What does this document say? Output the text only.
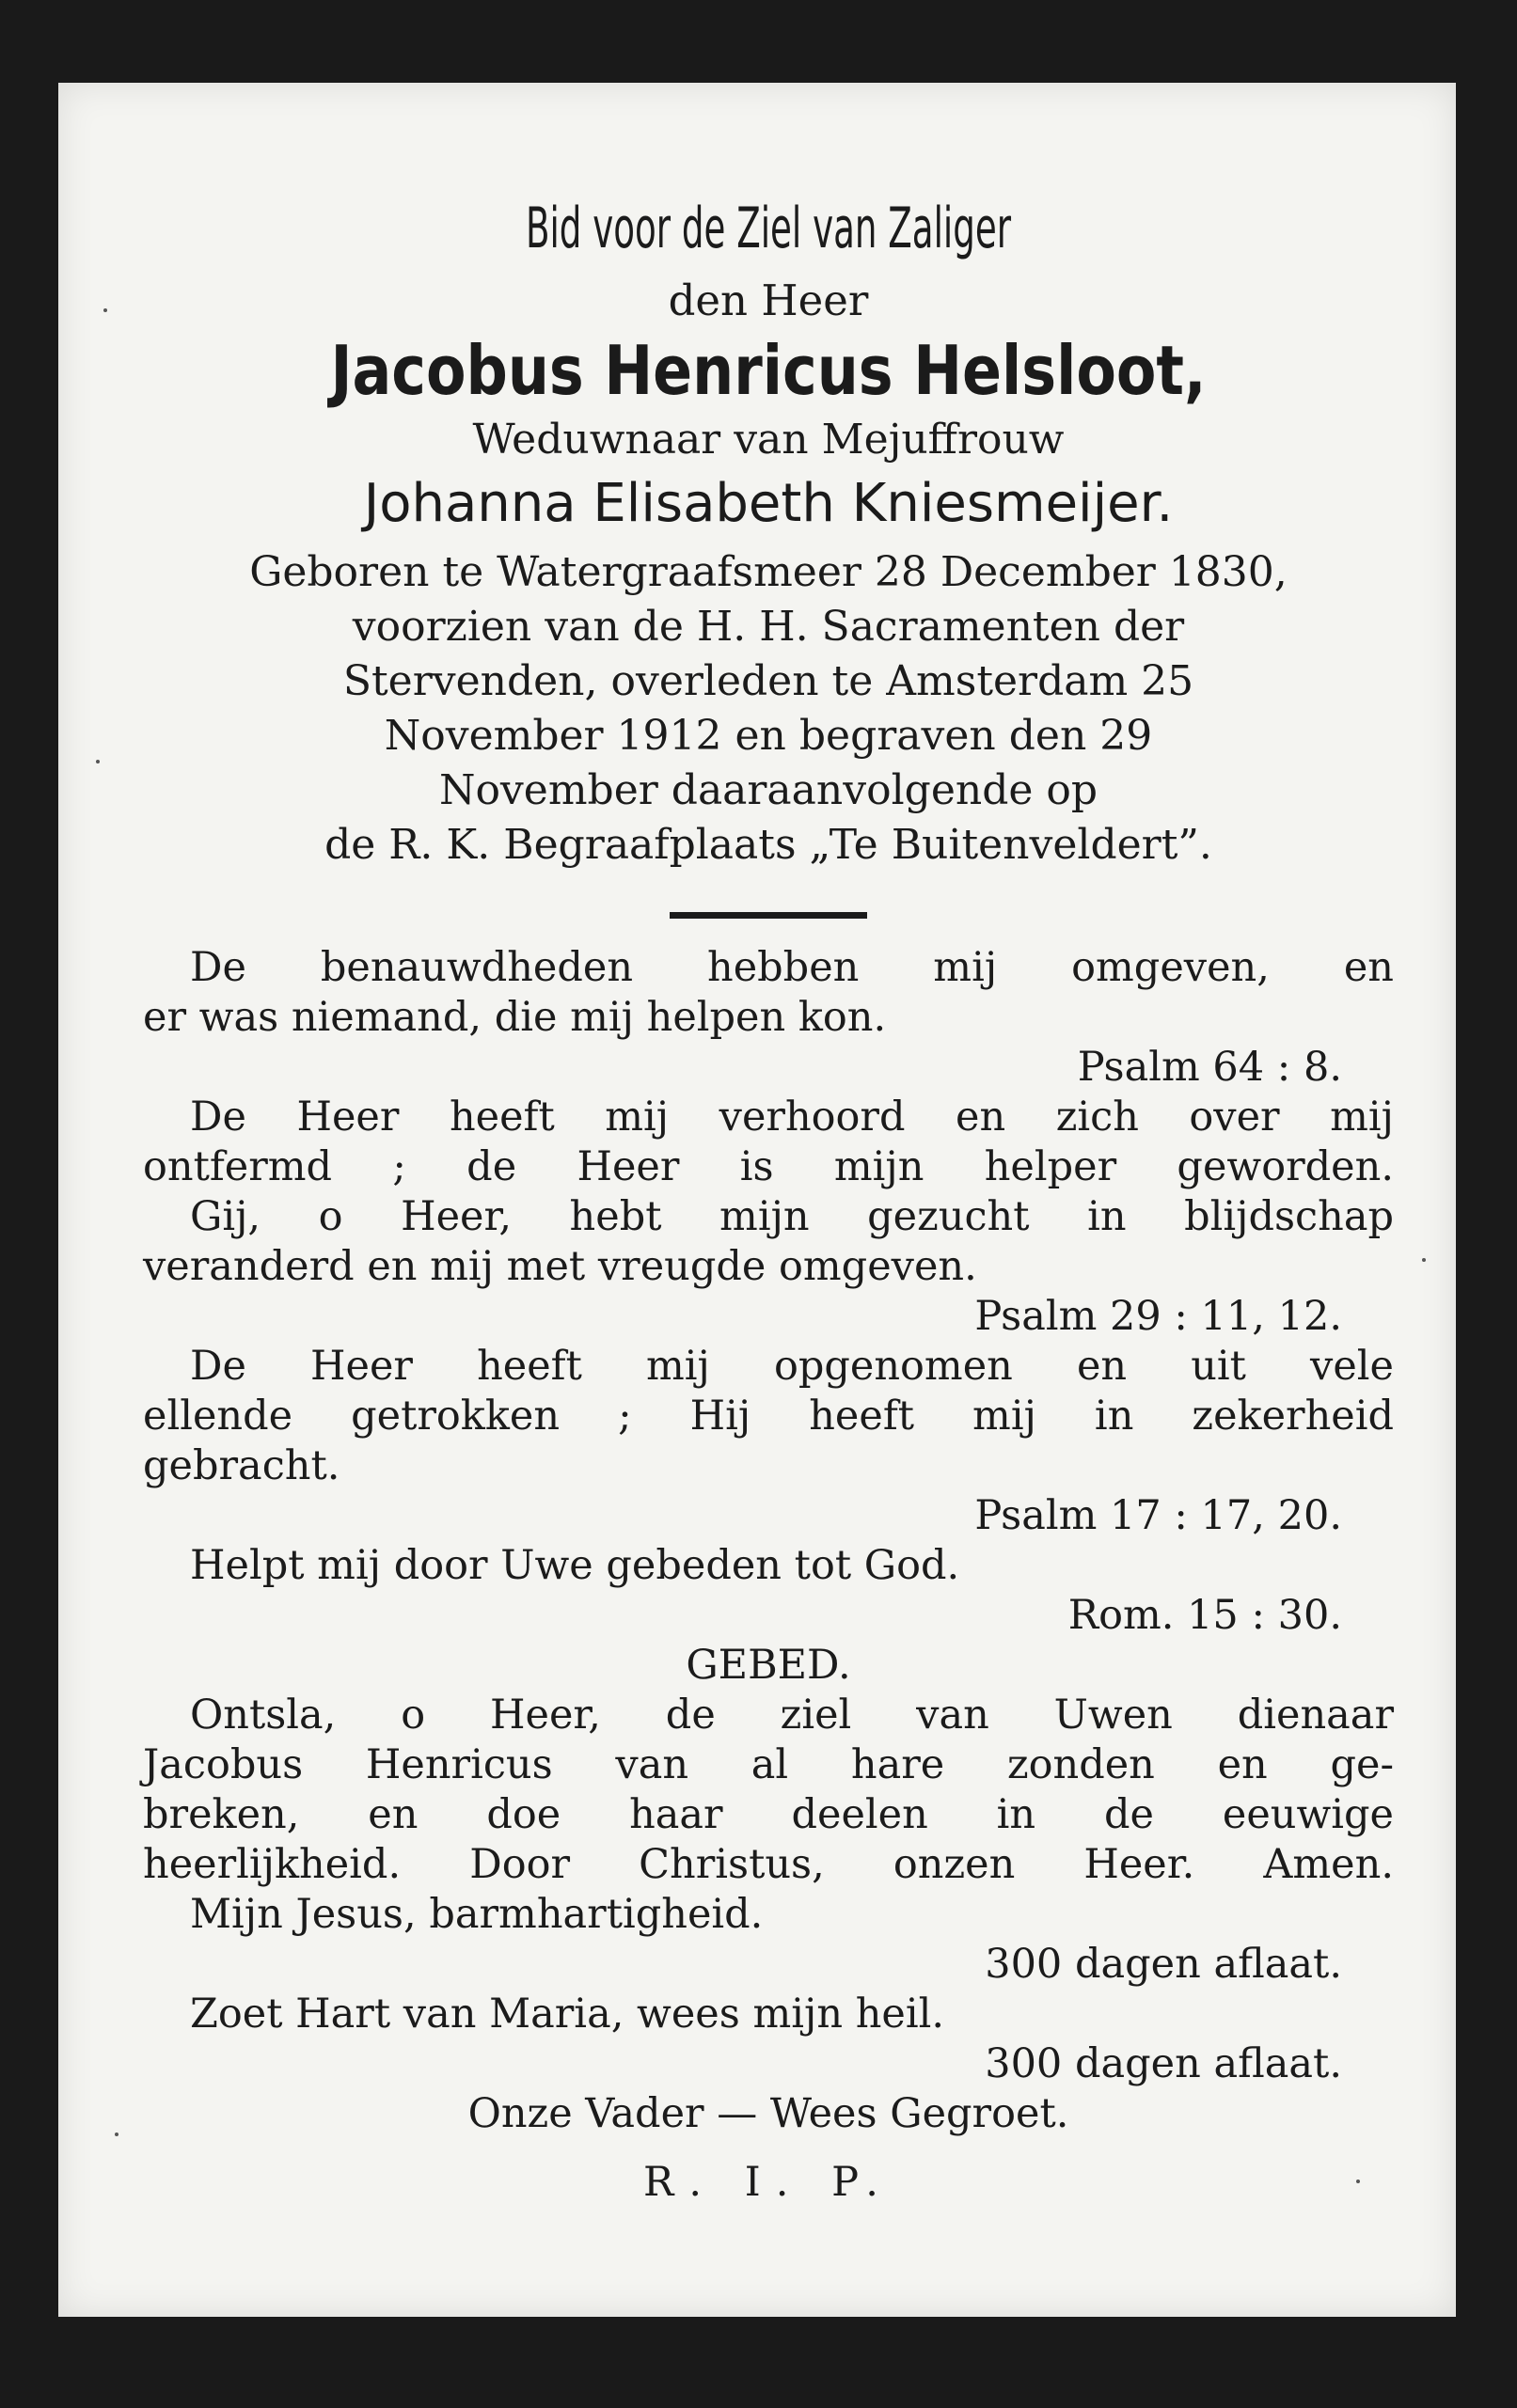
Bid voor de Ziel van Zaliger
den Heer
Jacobus Henricus Helsloot,
Weduwnaar van Mejuffrouw
Johanna Elisabeth Kniesmeijer.
Geboren te Watergraafsmeer 28 December 1830,
voorzien van de H. H. Sacramenten der
Stervenden, overleden te Amsterdam 25
November 1912 en begraven den 29
November daaraanvolgende op
de R. K. Begraafplaats „Te Buitenveldert”.
De benauwdheden hebben mij omgeven, en
er was niemand, die mij helpen kon.
Psalm 64 : 8.
De Heer heeft mij verhoord en zich over mij
ontfermd ; de Heer is mijn helper geworden.
Gij, o Heer, hebt mijn gezucht in blijdschap
veranderd en mij met vreugde omgeven.
Psalm 29 : 11, 12.
De Heer heeft mij opgenomen en uit vele
ellende getrokken ; Hij heeft mij in zekerheid
gebracht.
Psalm 17 : 17, 20.
Helpt mij door Uwe gebeden tot God.
Rom. 15 : 30.
GEBED.
Ontsla, o Heer, de ziel van Uwen dienaar
Jacobus Henricus van al hare zonden en ge-
breken, en doe haar deelen in de eeuwige
heerlijkheid. Door Christus, onzen Heer. Amen.
Mijn Jesus, barmhartigheid.
300 dagen aflaat.
Zoet Hart van Maria, wees mijn heil.
300 dagen aflaat.
Onze Vader — Wees Gegroet.
R. I. P.
